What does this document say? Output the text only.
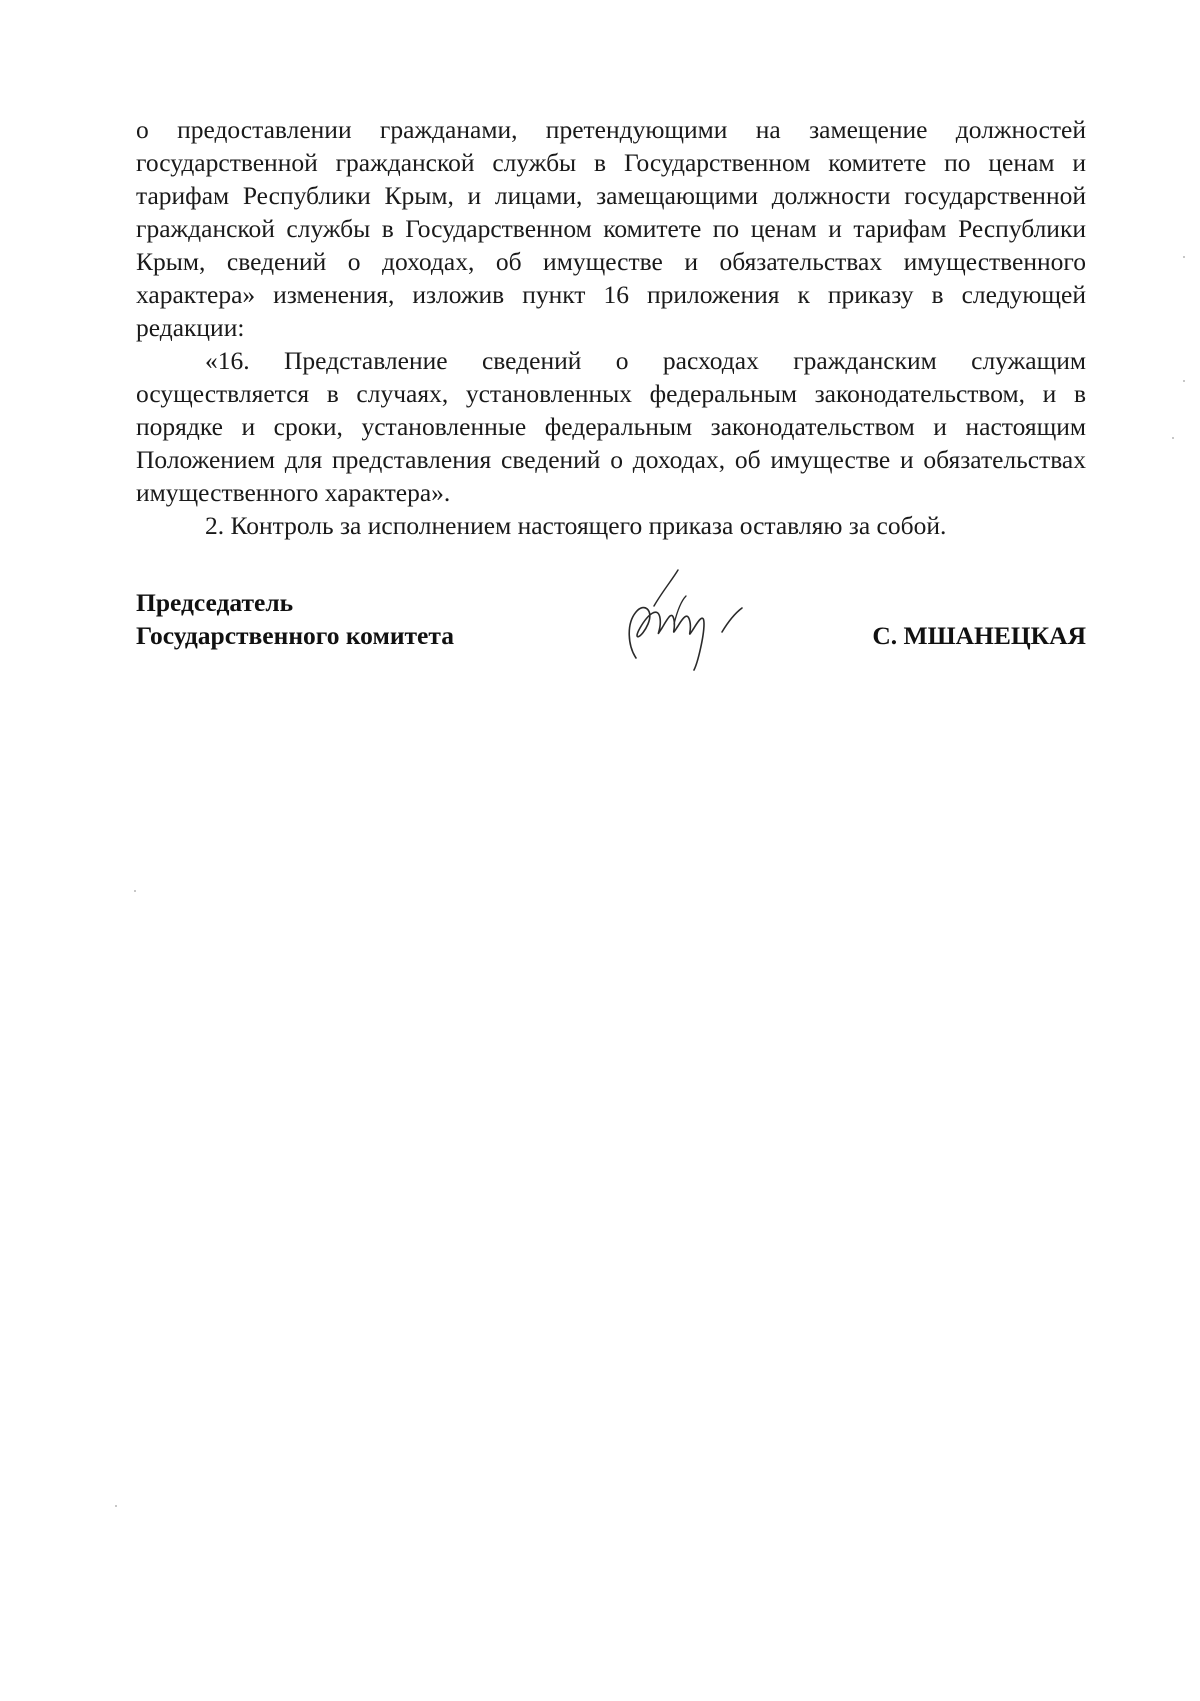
о предоставлении гражданами, претендующими на замещение должностей государственной гражданской службы в Государственном комитете по ценам и тарифам Республики Крым, и лицами, замещающими должности государственной гражданской службы в Государственном комитете по ценам и тарифам Республики Крым, сведений о доходах, об имуществе и обязательствах имущественного характера» изменения, изложив пункт 16 приложения к приказу в следующей редакции:

«16. Представление сведений о расходах гражданским служащим осуществляется в случаях, установленных федеральным законодательством, и в порядке и сроки, установленные федеральным законодательством и настоящим Положением для представления сведений о доходах, об имуществе и обязательствах имущественного характера».

2. Контроль за исполнением настоящего приказа оставляю за собой.

Председатель
Государственного комитета	С. МШАНЕЦКАЯ
